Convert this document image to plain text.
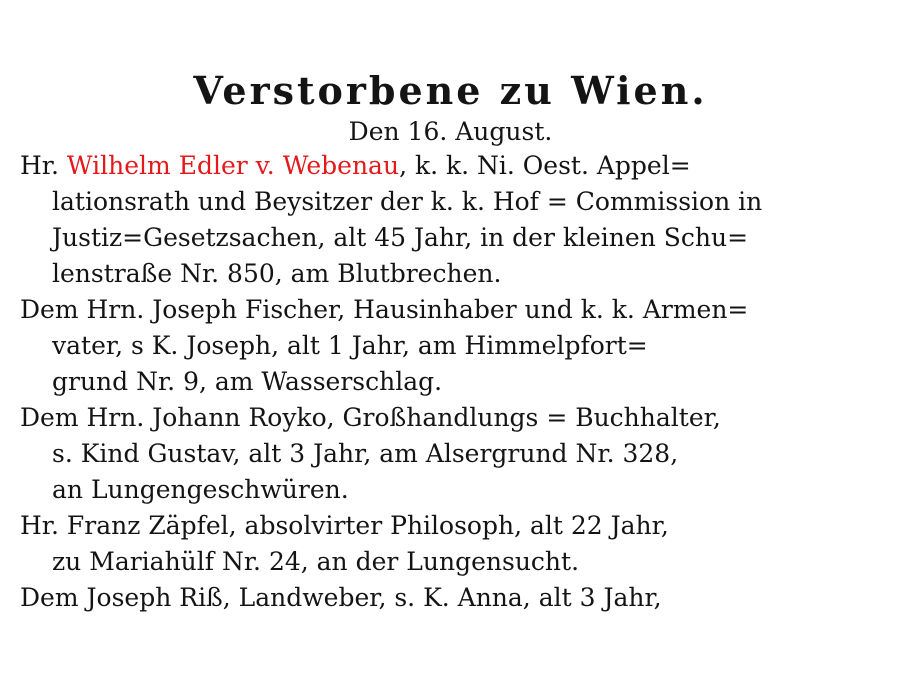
Verstorbene zu Wien.
Den 16. August.
Hr. Wilhelm Edler v. Webenau, k. k. Ni. Oest. Appel=
lationsrath und Beysitzer der k. k. Hof = Commission in
Justiz=Gesetzsachen, alt 45 Jahr, in der kleinen Schu=
lenstraße Nr. 850, am Blutbrechen.
Dem Hrn. Joseph Fischer, Hausinhaber und k. k. Armen=
vater, s K. Joseph, alt 1 Jahr, am Himmelpfort=
grund Nr. 9, am Wasserschlag.
Dem Hrn. Johann Royko, Großhandlungs = Buchhalter,
s. Kind Gustav, alt 3 Jahr, am Alsergrund Nr. 328,
an Lungengeschwüren.
Hr. Franz Zäpfel, absolvirter Philosoph, alt 22 Jahr,
zu Mariahülf Nr. 24, an der Lungensucht.
Dem Joseph Riß, Landweber, s. K. Anna, alt 3 Jahr,
